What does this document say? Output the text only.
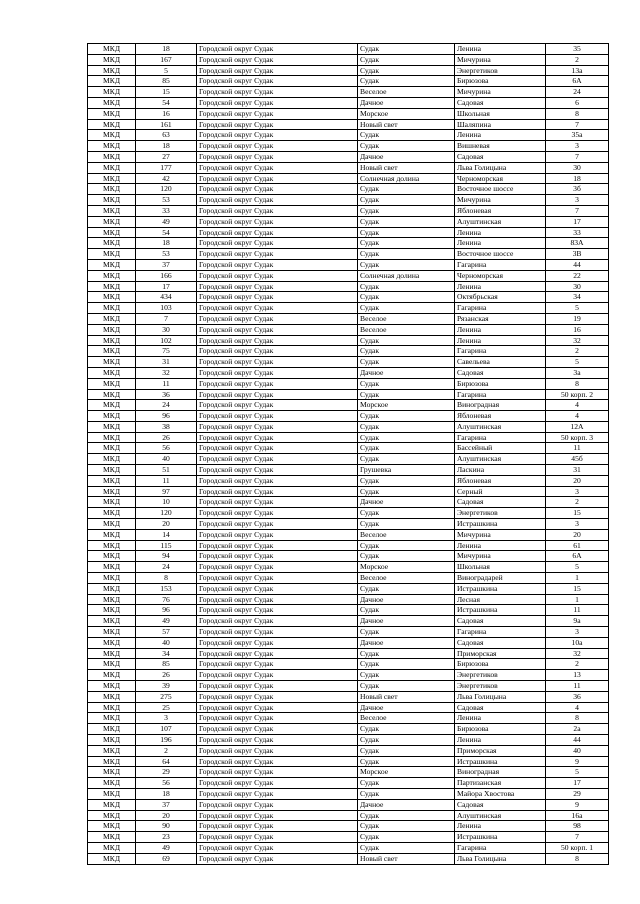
МКД	18	Городской округ Судак	Судак	Ленина	35
МКД	167	Городской округ Судак	Судак	Мичурина	2
МКД	5	Городской округ Судак	Судак	Энергетиков	13а
МКД	85	Городской округ Судак	Судак	Бирюзова	6А
МКД	15	Городской округ Судак	Веселое	Мичурина	24
МКД	54	Городской округ Судак	Дачное	Садовая	6
МКД	16	Городской округ Судак	Морское	Школьная	8
МКД	161	Городской округ Судак	Новый свет	Шаляпина	7
МКД	63	Городской округ Судак	Судак	Ленина	35а
МКД	18	Городской округ Судак	Судак	Вишневая	3
МКД	27	Городской округ Судак	Дачное	Садовая	7
МКД	177	Городской округ Судак	Новый свет	Льва Голицына	30
МКД	42	Городской округ Судак	Солнечная долина	Черноморская	18
МКД	120	Городской округ Судак	Судак	Восточное шоссе	3б
МКД	53	Городской округ Судак	Судак	Мичурина	3
МКД	33	Городской округ Судак	Судак	Яблоневая	7
МКД	49	Городской округ Судак	Судак	Алуштинская	17
МКД	54	Городской округ Судак	Судак	Ленина	33
МКД	18	Городской округ Судак	Судак	Ленина	83А
МКД	53	Городской округ Судак	Судак	Восточное шоссе	3В
МКД	37	Городской округ Судак	Судак	Гагарина	44
МКД	166	Городской округ Судак	Солнечная долина	Черноморская	22
МКД	17	Городской округ Судак	Судак	Ленина	30
МКД	434	Городской округ Судак	Судак	Октябрьская	34
МКД	103	Городской округ Судак	Судак	Гагарина	5
МКД	7	Городской округ Судак	Веселое	Рязанская	19
МКД	30	Городской округ Судак	Веселое	Ленина	16
МКД	102	Городской округ Судак	Судак	Ленина	32
МКД	75	Городской округ Судак	Судак	Гагарина	2
МКД	31	Городской округ Судак	Судак	Савельева	5
МКД	32	Городской округ Судак	Дачное	Садовая	3а
МКД	11	Городской округ Судак	Судак	Бирюзова	8
МКД	36	Городской округ Судак	Судак	Гагарина	50 корп. 2
МКД	24	Городской округ Судак	Морское	Виноградная	4
МКД	96	Городской округ Судак	Судак	Яблоневая	4
МКД	38	Городской округ Судак	Судак	Алуштинская	12А
МКД	26	Городской округ Судак	Судак	Гагарина	50 корп. 3
МКД	56	Городской округ Судак	Судак	Бассейный	11
МКД	40	Городской округ Судак	Судак	Алуштинская	45б
МКД	51	Городской округ Судак	Грушевка	Ласкина	31
МКД	11	Городской округ Судак	Судак	Яблоневая	20
МКД	97	Городской округ Судак	Судак	Серный	3
МКД	10	Городской округ Судак	Дачное	Садовая	2
МКД	120	Городской округ Судак	Судак	Энергетиков	15
МКД	20	Городской округ Судак	Судак	Истрашкина	3
МКД	14	Городской округ Судак	Веселое	Мичурина	20
МКД	115	Городской округ Судак	Судак	Ленина	61
МКД	94	Городской округ Судак	Судак	Мичурина	6А
МКД	24	Городской округ Судак	Морское	Школьная	5
МКД	8	Городской округ Судак	Веселое	Виноградарей	1
МКД	153	Городской округ Судак	Судак	Истрашкина	15
МКД	76	Городской округ Судак	Дачное	Лесная	1
МКД	96	Городской округ Судак	Судак	Истрашкина	11
МКД	49	Городской округ Судак	Дачное	Садовая	9а
МКД	57	Городской округ Судак	Судак	Гагарина	3
МКД	40	Городской округ Судак	Дачное	Садовая	10а
МКД	34	Городской округ Судак	Судак	Приморская	32
МКД	85	Городской округ Судак	Судак	Бирюзова	2
МКД	26	Городской округ Судак	Судак	Энергетиков	13
МКД	39	Городской округ Судак	Судак	Энергетиков	11
МКД	275	Городской округ Судак	Новый свет	Льва Голицына	36
МКД	25	Городской округ Судак	Дачное	Садовая	4
МКД	3	Городской округ Судак	Веселое	Ленина	8
МКД	107	Городской округ Судак	Судак	Бирюзова	2а
МКД	196	Городской округ Судак	Судак	Ленина	44
МКД	2	Городской округ Судак	Судак	Приморская	40
МКД	64	Городской округ Судак	Судак	Истрашкина	9
МКД	29	Городской округ Судак	Морское	Виноградная	5
МКД	56	Городской округ Судак	Судак	Партизанская	17
МКД	18	Городской округ Судак	Судак	Майора Хвостова	29
МКД	37	Городской округ Судак	Дачное	Садовая	9
МКД	20	Городской округ Судак	Судак	Алуштинская	16а
МКД	90	Городской округ Судак	Судак	Ленина	98
МКД	23	Городской округ Судак	Судак	Истрашкина	7
МКД	49	Городской округ Судак	Судак	Гагарина	50 корп. 1
МКД	69	Городской округ Судак	Новый свет	Льва Голицына	8
